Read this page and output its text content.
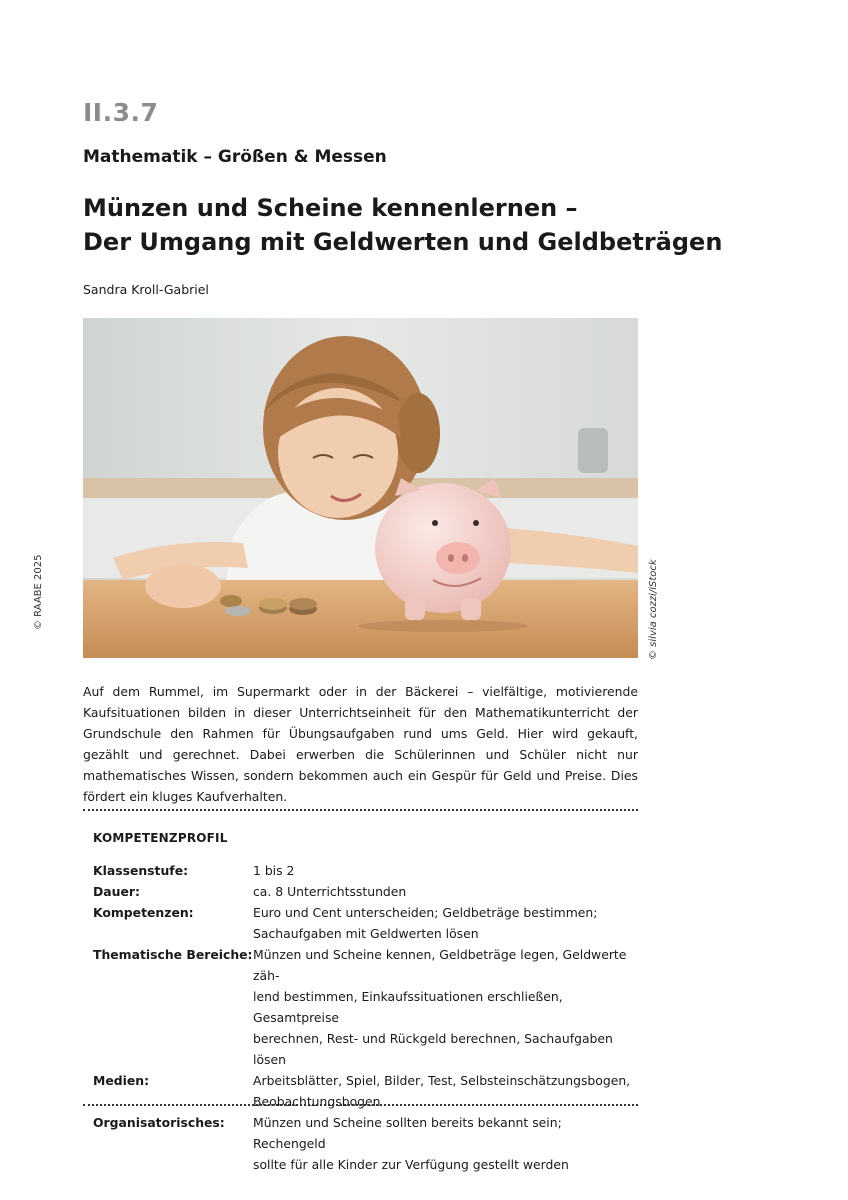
II.3.7
Mathematik – Größen & Messen
Münzen und Scheine kennenlernen –
Der Umgang mit Geldwerten und Geldbeträgen
Sandra Kroll-Gabriel
© RAABE 2025	© silvia cozzi/iStock

Auf dem Rummel, im Supermarkt oder in der Bäckerei – vielfältige, motivierende Kaufsituationen bilden in dieser Unterrichtseinheit für den Mathematikunterricht der Grundschule den Rahmen für Übungsaufgaben rund ums Geld. Hier wird gekauft, gezählt und gerechnet. Dabei erwerben die Schülerinnen und Schüler nicht nur mathematisches Wissen, sondern bekommen auch ein Gespür für Geld und Preise. Dies fördert ein kluges Kaufverhalten.

KOMPETENZPROFIL
Klassenstufe:	1 bis 2
Dauer:	ca. 8 Unterrichtsstunden
Kompetenzen:	Euro und Cent unterscheiden; Geldbeträge bestimmen;
Sachaufgaben mit Geldwerten lösen
Thematische Bereiche:	Münzen und Scheine kennen, Geldbeträge legen, Geldwerte zäh-
lend bestimmen, Einkaufssituationen erschließen, Gesamtpreise
berechnen, Rest- und Rückgeld berechnen, Sachaufgaben lösen
Medien:	Arbeitsblätter, Spiel, Bilder, Test, Selbsteinschätzungsbogen,
Beobachtungsbogen
Organisatorisches:	Münzen und Scheine sollten bereits bekannt sein; Rechengeld
sollte für alle Kinder zur Verfügung gestellt werden
